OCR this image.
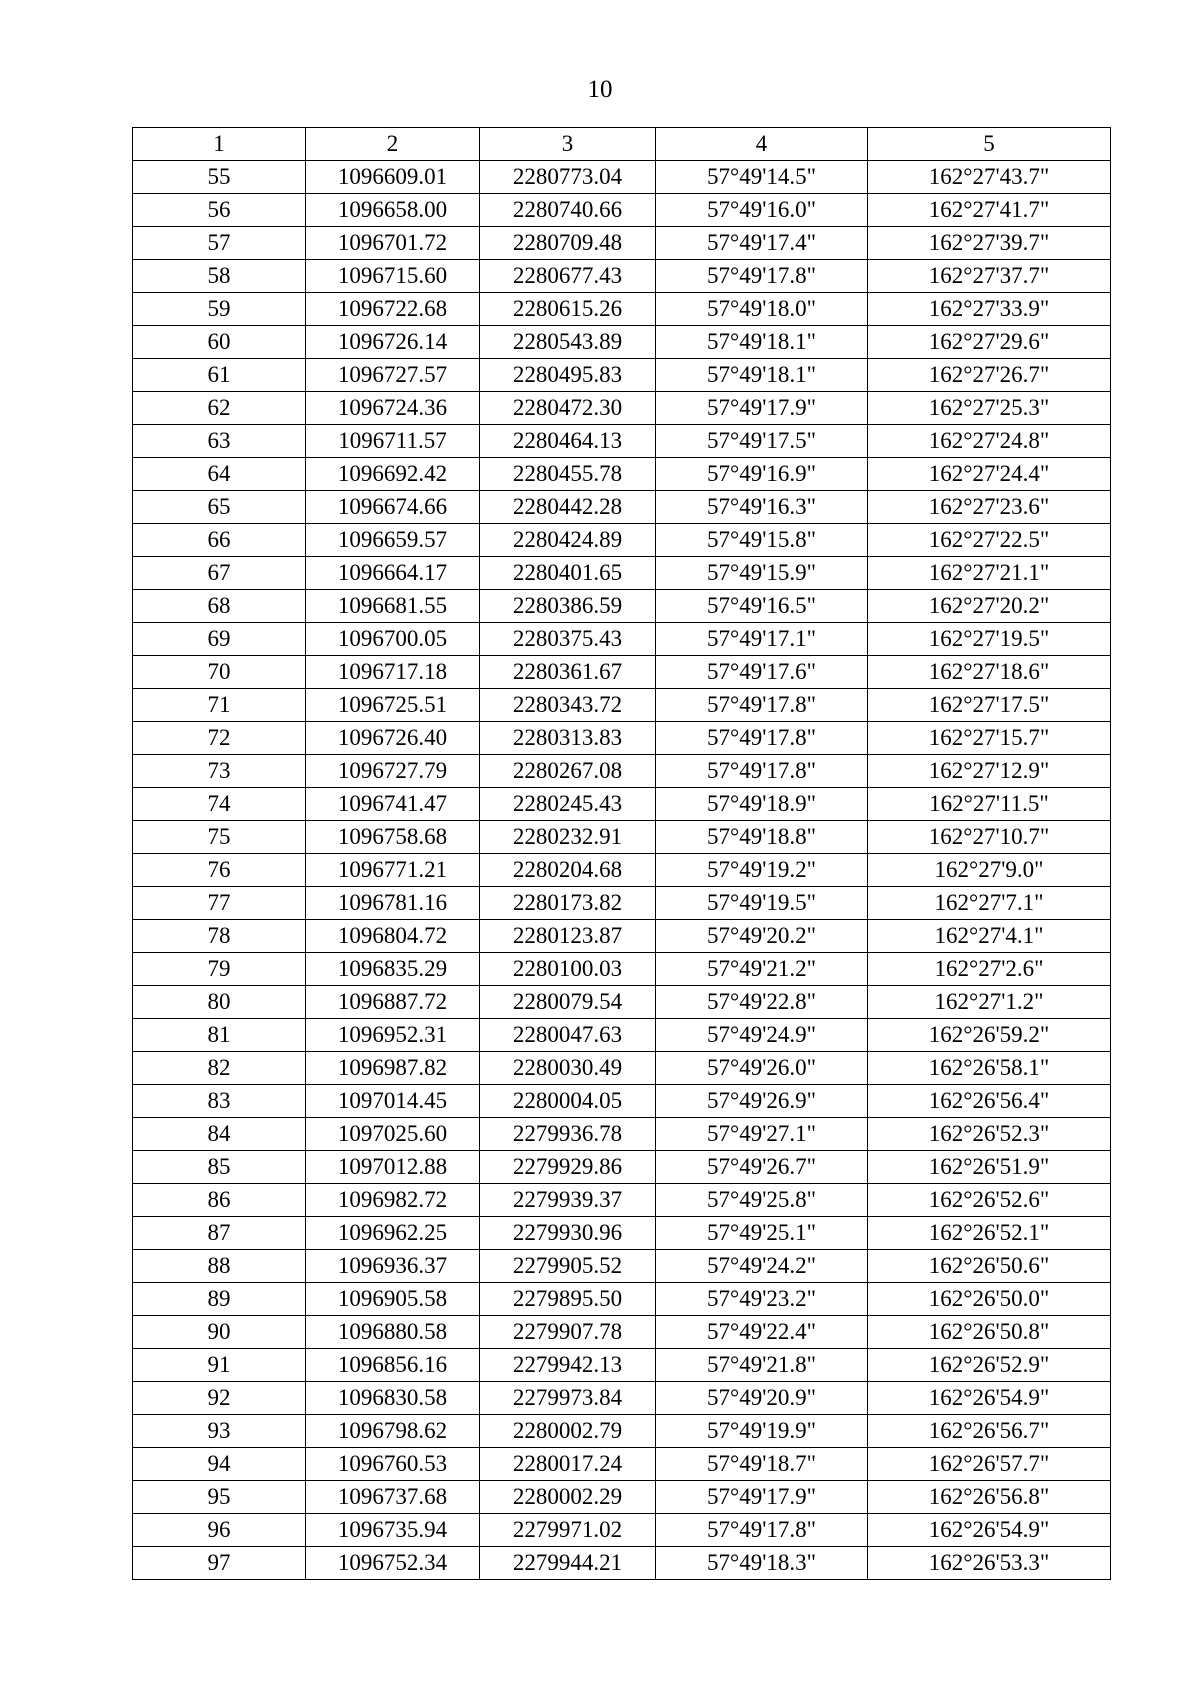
10
1	2	3	4	5
55	1096609.01	2280773.04	57°49'14.5"	162°27'43.7"
56	1096658.00	2280740.66	57°49'16.0"	162°27'41.7"
57	1096701.72	2280709.48	57°49'17.4"	162°27'39.7"
58	1096715.60	2280677.43	57°49'17.8"	162°27'37.7"
59	1096722.68	2280615.26	57°49'18.0"	162°27'33.9"
60	1096726.14	2280543.89	57°49'18.1"	162°27'29.6"
61	1096727.57	2280495.83	57°49'18.1"	162°27'26.7"
62	1096724.36	2280472.30	57°49'17.9"	162°27'25.3"
63	1096711.57	2280464.13	57°49'17.5"	162°27'24.8"
64	1096692.42	2280455.78	57°49'16.9"	162°27'24.4"
65	1096674.66	2280442.28	57°49'16.3"	162°27'23.6"
66	1096659.57	2280424.89	57°49'15.8"	162°27'22.5"
67	1096664.17	2280401.65	57°49'15.9"	162°27'21.1"
68	1096681.55	2280386.59	57°49'16.5"	162°27'20.2"
69	1096700.05	2280375.43	57°49'17.1"	162°27'19.5"
70	1096717.18	2280361.67	57°49'17.6"	162°27'18.6"
71	1096725.51	2280343.72	57°49'17.8"	162°27'17.5"
72	1096726.40	2280313.83	57°49'17.8"	162°27'15.7"
73	1096727.79	2280267.08	57°49'17.8"	162°27'12.9"
74	1096741.47	2280245.43	57°49'18.9"	162°27'11.5"
75	1096758.68	2280232.91	57°49'18.8"	162°27'10.7"
76	1096771.21	2280204.68	57°49'19.2"	162°27'9.0"
77	1096781.16	2280173.82	57°49'19.5"	162°27'7.1"
78	1096804.72	2280123.87	57°49'20.2"	162°27'4.1"
79	1096835.29	2280100.03	57°49'21.2"	162°27'2.6"
80	1096887.72	2280079.54	57°49'22.8"	162°27'1.2"
81	1096952.31	2280047.63	57°49'24.9"	162°26'59.2"
82	1096987.82	2280030.49	57°49'26.0"	162°26'58.1"
83	1097014.45	2280004.05	57°49'26.9"	162°26'56.4"
84	1097025.60	2279936.78	57°49'27.1"	162°26'52.3"
85	1097012.88	2279929.86	57°49'26.7"	162°26'51.9"
86	1096982.72	2279939.37	57°49'25.8"	162°26'52.6"
87	1096962.25	2279930.96	57°49'25.1"	162°26'52.1"
88	1096936.37	2279905.52	57°49'24.2"	162°26'50.6"
89	1096905.58	2279895.50	57°49'23.2"	162°26'50.0"
90	1096880.58	2279907.78	57°49'22.4"	162°26'50.8"
91	1096856.16	2279942.13	57°49'21.8"	162°26'52.9"
92	1096830.58	2279973.84	57°49'20.9"	162°26'54.9"
93	1096798.62	2280002.79	57°49'19.9"	162°26'56.7"
94	1096760.53	2280017.24	57°49'18.7"	162°26'57.7"
95	1096737.68	2280002.29	57°49'17.9"	162°26'56.8"
96	1096735.94	2279971.02	57°49'17.8"	162°26'54.9"
97	1096752.34	2279944.21	57°49'18.3"	162°26'53.3"
